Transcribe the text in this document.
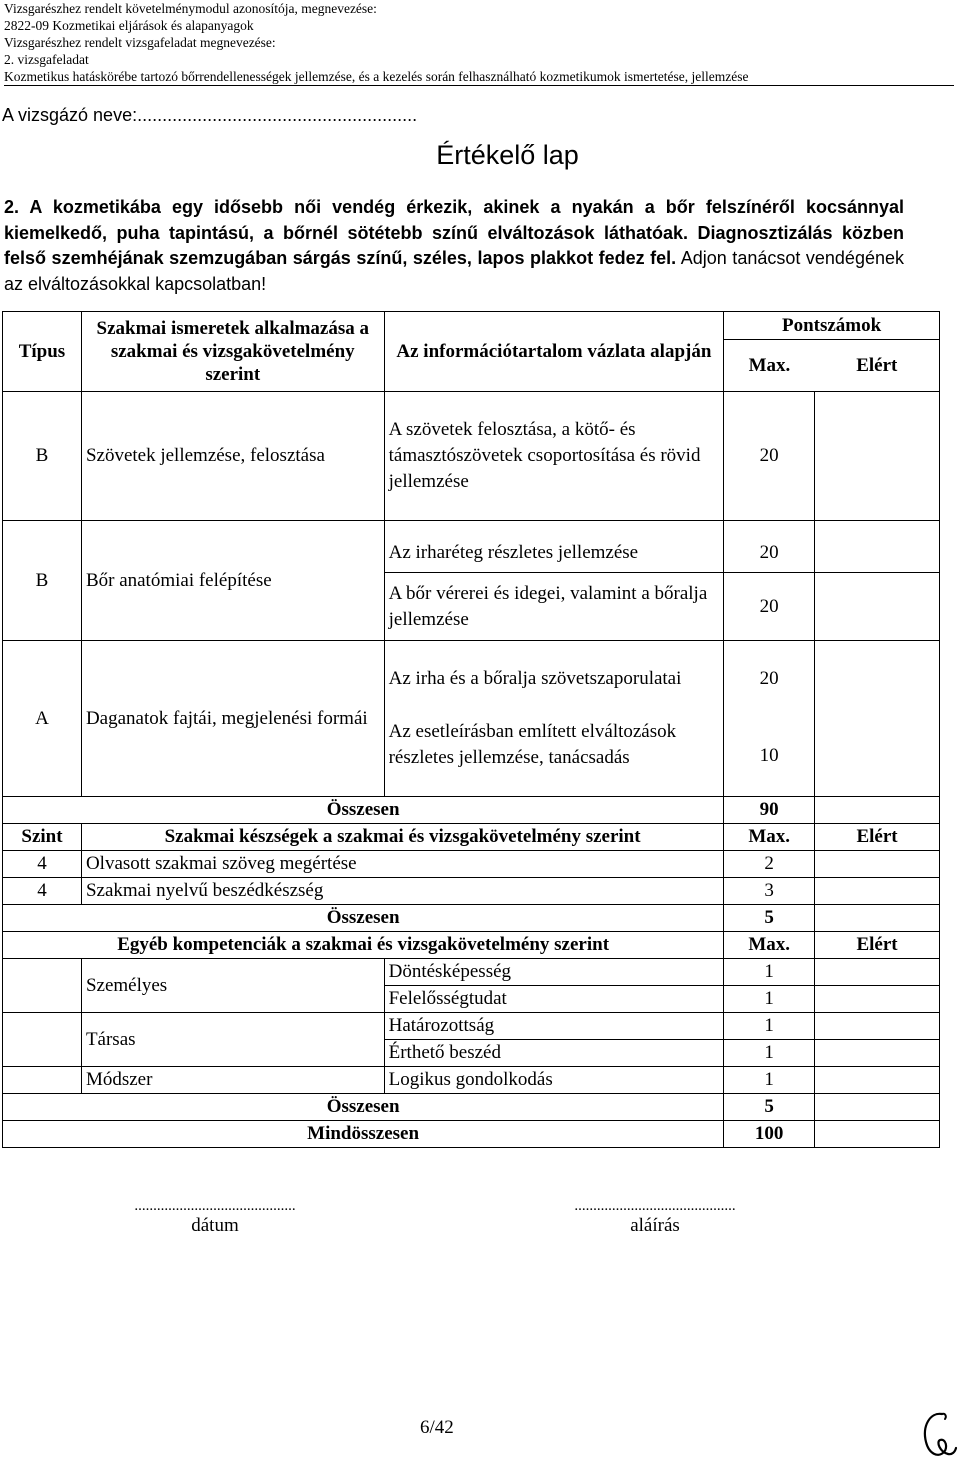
Vizsgarészhez rendelt követelménymodul azonosítója, megnevezése:
2822-09 Kozmetikai eljárások és alapanyagok
Vizsgarészhez rendelt vizsgafeladat megnevezése:
2. vizsgafeladat
Kozmetikus hatáskörébe tartozó bőrrendellenességek jellemzése, és a kezelés során felhasználható kozmetikumok ismertetése, jellemzése
A vizsgázó neve:........................................................
Értékelő lap
2. A kozmetikába egy idősebb női vendég érkezik, akinek a nyakán a bőr felszínéről kocsánnyal kiemelkedő, puha tapintású, a bőrnél sötétebb színű elváltozások láthatóak. Diagnosztizálás közben felső szemhéjának szemzugában sárgás színű, széles, lapos plakkot fedez fel. Adjon tanácsot vendégének az elváltozásokkal kapcsolatban!
Típus	Szakmai ismeretek alkalmazása a szakmai és vizsgakövetelmény szerint	Az információtartalom vázlata alapján	Pontszámok	
			Max.	Elért
B	Szövetek jellemzése, felosztása	A szövetek felosztása, a kötő- és támasztószövetek csoportosítása és rövid jellemzése	20	
B	Bőr anatómiai felépítése	Az irharéteg részletes jellemzése	20	
		A bőr vérerei és idegei, valamint a bőralja jellemzése	20	
A	Daganatok fajtái, megjelenési formái	Az irha és a bőralja szövetszaporulatai	20	
		Az esetleírásban említett elváltozások részletes jellemzése, tanácsadás	10	
Összesen			90	
Szint	Szakmai készségek a szakmai és vizsgakövetelmény szerint		Max.	Elért
4	Olvasott szakmai szöveg megértése		2	
4	Szakmai nyelvű beszédkészség		3	
Összesen			5	
Egyéb kompetenciák a szakmai és vizsgakövetelmény szerint			Max.	Elért
	Személyes	Döntésképesség	1	
		Felelősségtudat	1	
	Társas	Határozottság	1	
		Érthető beszéd	1	
	Módszer	Logikus gondolkodás	1	
Összesen			5	
Mindösszesen			100	
...........................................
dátum
...........................................
aláírás
6/42
